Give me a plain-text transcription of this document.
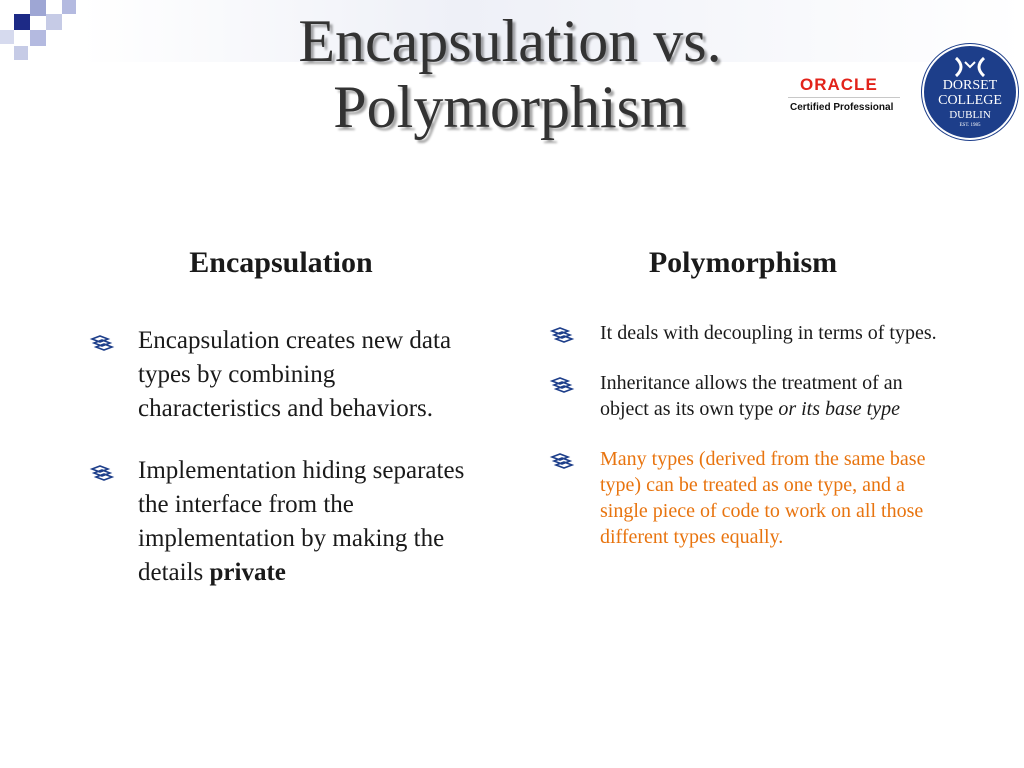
Encapsulation vs.
Polymorphism	ORACLE
Certified Professional
DORSET
COLLEGE
DUBLIN
EST. 1985
Encapsulation	Polymorphism
Encapsulation creates new data types by combining characteristics and behaviors.
Implementation hiding separates the interface from the implementation by making the details private
It deals with decoupling in terms of types.
Inheritance allows the treatment of an object as its own type or its base type
Many types (derived from the same base type) can be treated as one type, and a single piece of code to work on all those different types equally.
